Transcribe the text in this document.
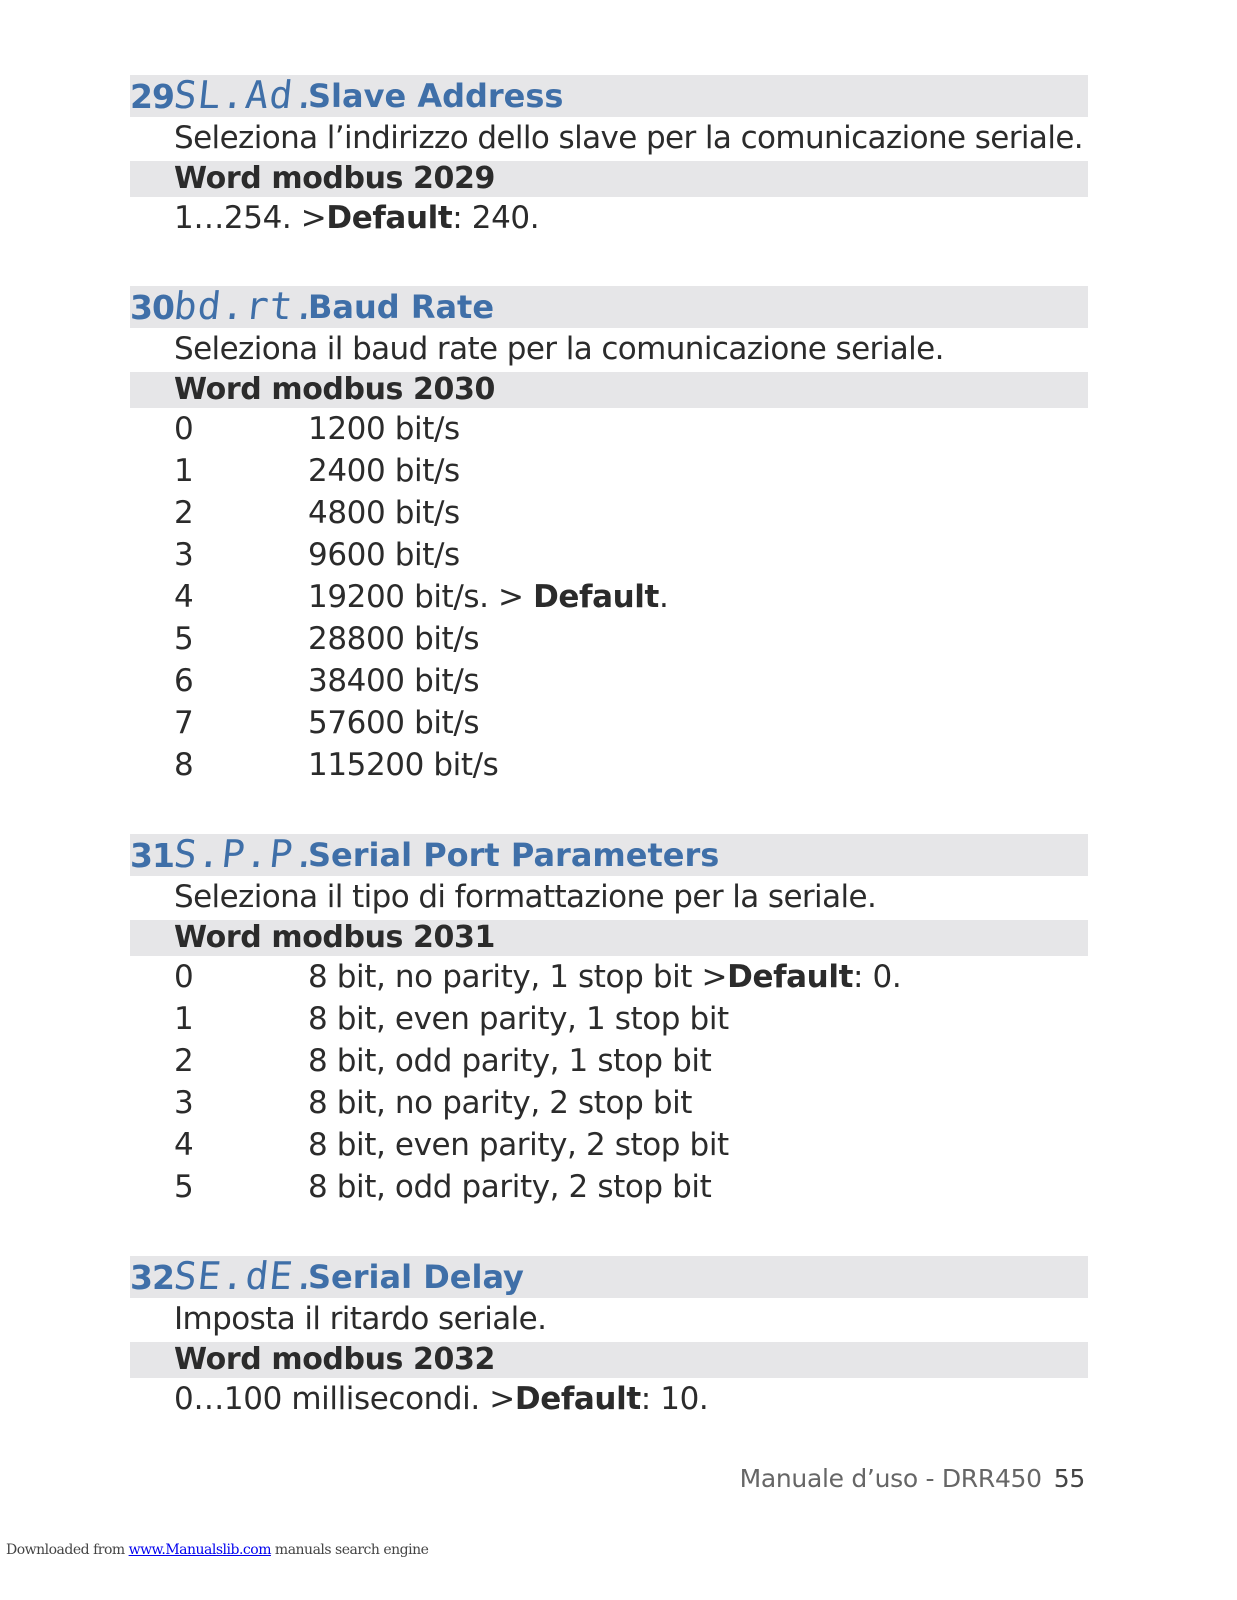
29
SL.Ad.
Slave Address
Seleziona l’indirizzo dello slave per la comunicazione seriale.
Word modbus 2029
1…254. >Default: 240.
30
bd.rt.
Baud Rate
Seleziona il baud rate per la comunicazione seriale.
Word modbus 2030
0	1200 bit/s
1	2400 bit/s
2	4800 bit/s
3	9600 bit/s
4	19200 bit/s. > Default.
5	28800 bit/s
6	38400 bit/s
7	57600 bit/s
8	115200 bit/s
31
S.P.P.
Serial Port Parameters
Seleziona il tipo di formattazione per la seriale.
Word modbus 2031
0	8 bit, no parity, 1 stop bit >Default: 0.
1	8 bit, even parity, 1 stop bit
2	8 bit, odd parity, 1 stop bit
3	8 bit, no parity, 2 stop bit
4	8 bit, even parity, 2 stop bit
5	8 bit, odd parity, 2 stop bit
32
SE.dE.
Serial Delay
Imposta il ritardo seriale.
Word modbus 2032
0…100 millisecondi. >Default: 10.
Manuale d’uso - DRR450 55
Downloaded from www.Manualslib.com manuals search engine
